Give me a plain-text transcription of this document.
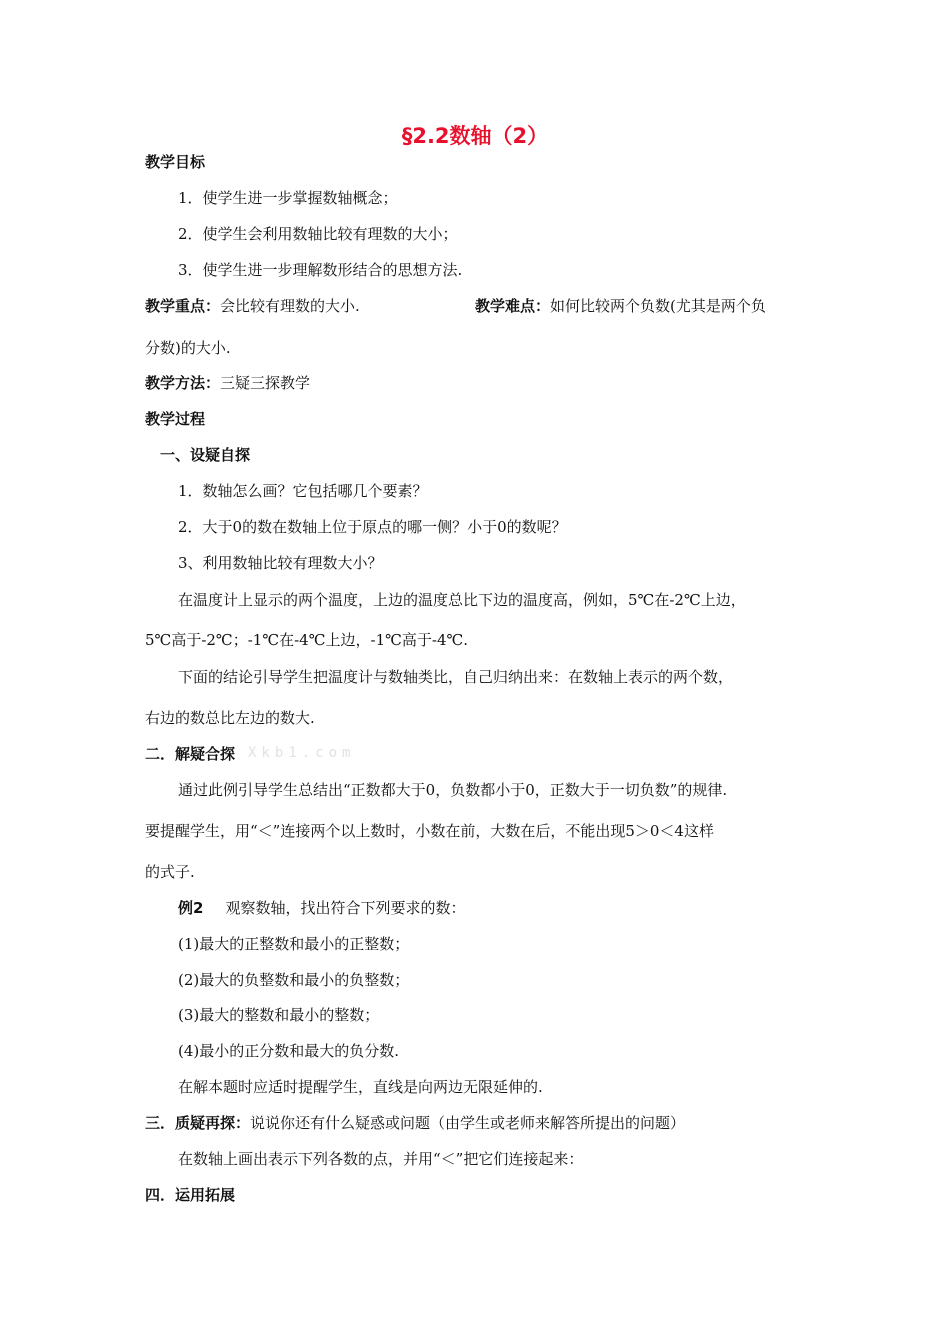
§2.2数轴（2）
教学目标
1．使学生进一步掌握数轴概念；
2．使学生会利用数轴比较有理数的大小；
3．使学生进一步理解数形结合的思想方法.
教学重点：会比较有理数的大小.	教学难点：如何比较两个负数(尤其是两个负
分数)的大小.
教学方法：三疑三探教学
教学过程
一、设疑自探
1．数轴怎么画？它包括哪几个要素？
2．大于0的数在数轴上位于原点的哪一侧？小于0的数呢？
3、利用数轴比较有理数大小？
在温度计上显示的两个温度，上边的温度总比下边的温度高，例如，5℃在-2℃上边，
5℃高于-2℃；-1℃在-4℃上边，-1℃高于-4℃.
下面的结论引导学生把温度计与数轴类比，自己归纳出来：在数轴上表示的两个数，
右边的数总比左边的数大.
二．解疑合探 Xkb1.com
通过此例引导学生总结出“正数都大于0，负数都小于0，正数大于一切负数”的规律.
要提醒学生，用“＜”连接两个以上数时，小数在前，大数在后，不能出现5＞0＜4这样
的式子.
例2 观察数轴，找出符合下列要求的数：
(1)最大的正整数和最小的正整数；
(2)最大的负整数和最小的负整数；
(3)最大的整数和最小的整数；
(4)最小的正分数和最大的负分数.
在解本题时应适时提醒学生，直线是向两边无限延伸的.
三．质疑再探：说说你还有什么疑惑或问题（由学生或老师来解答所提出的问题）
在数轴上画出表示下列各数的点，并用“＜”把它们连接起来：
四．运用拓展
